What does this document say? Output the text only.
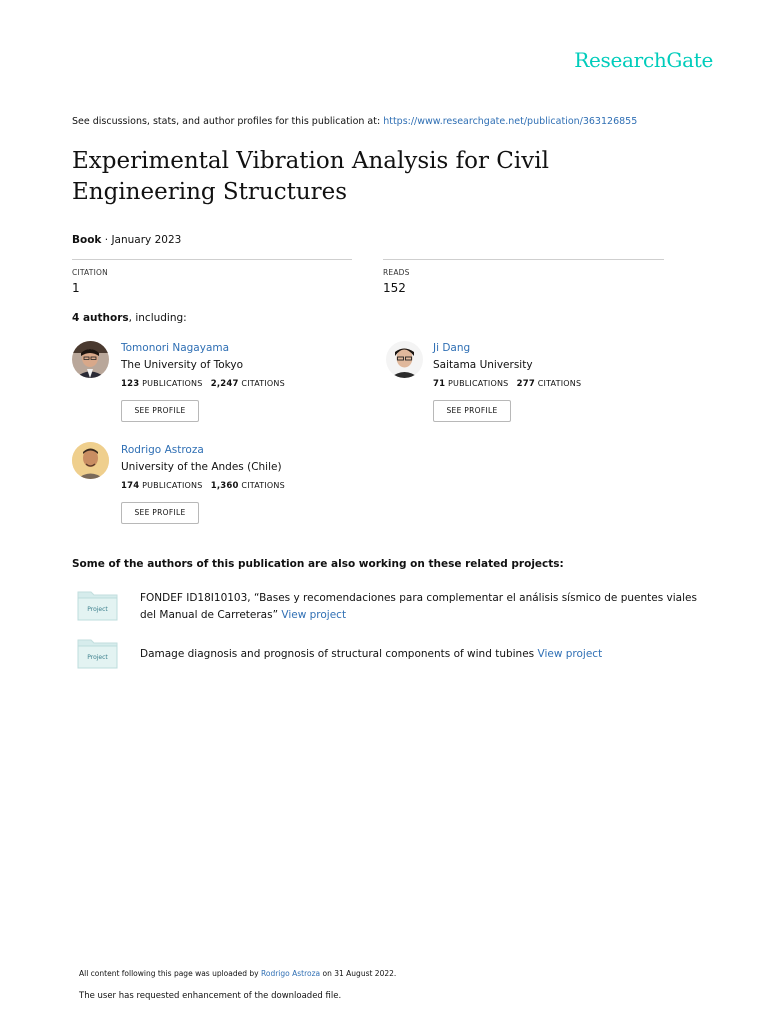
ResearchGate
See discussions, stats, and author profiles for this publication at: https://www.researchgate.net/publication/363126855
Experimental Vibration Analysis for Civil Engineering Structures
Book · January 2023
CITATION
1
READS
152
4 authors, including:
Tomonori Nagayama
The University of Tokyo
123 PUBLICATIONS 2,247 CITATIONS
SEE PROFILE
Ji Dang
Saitama University
71 PUBLICATIONS 277 CITATIONS
SEE PROFILE
Rodrigo Astroza
University of the Andes (Chile)
174 PUBLICATIONS 1,360 CITATIONS
SEE PROFILE
Some of the authors of this publication are also working on these related projects:
Project
FONDEF ID18I10103, “Bases y recomendaciones para complementar el análisis sísmico de puentes viales del Manual de Carreteras” View project
Project	Damage diagnosis and prognosis of structural components of wind tubines View project
All content following this page was uploaded by Rodrigo Astroza on 31 August 2022.
The user has requested enhancement of the downloaded file.
